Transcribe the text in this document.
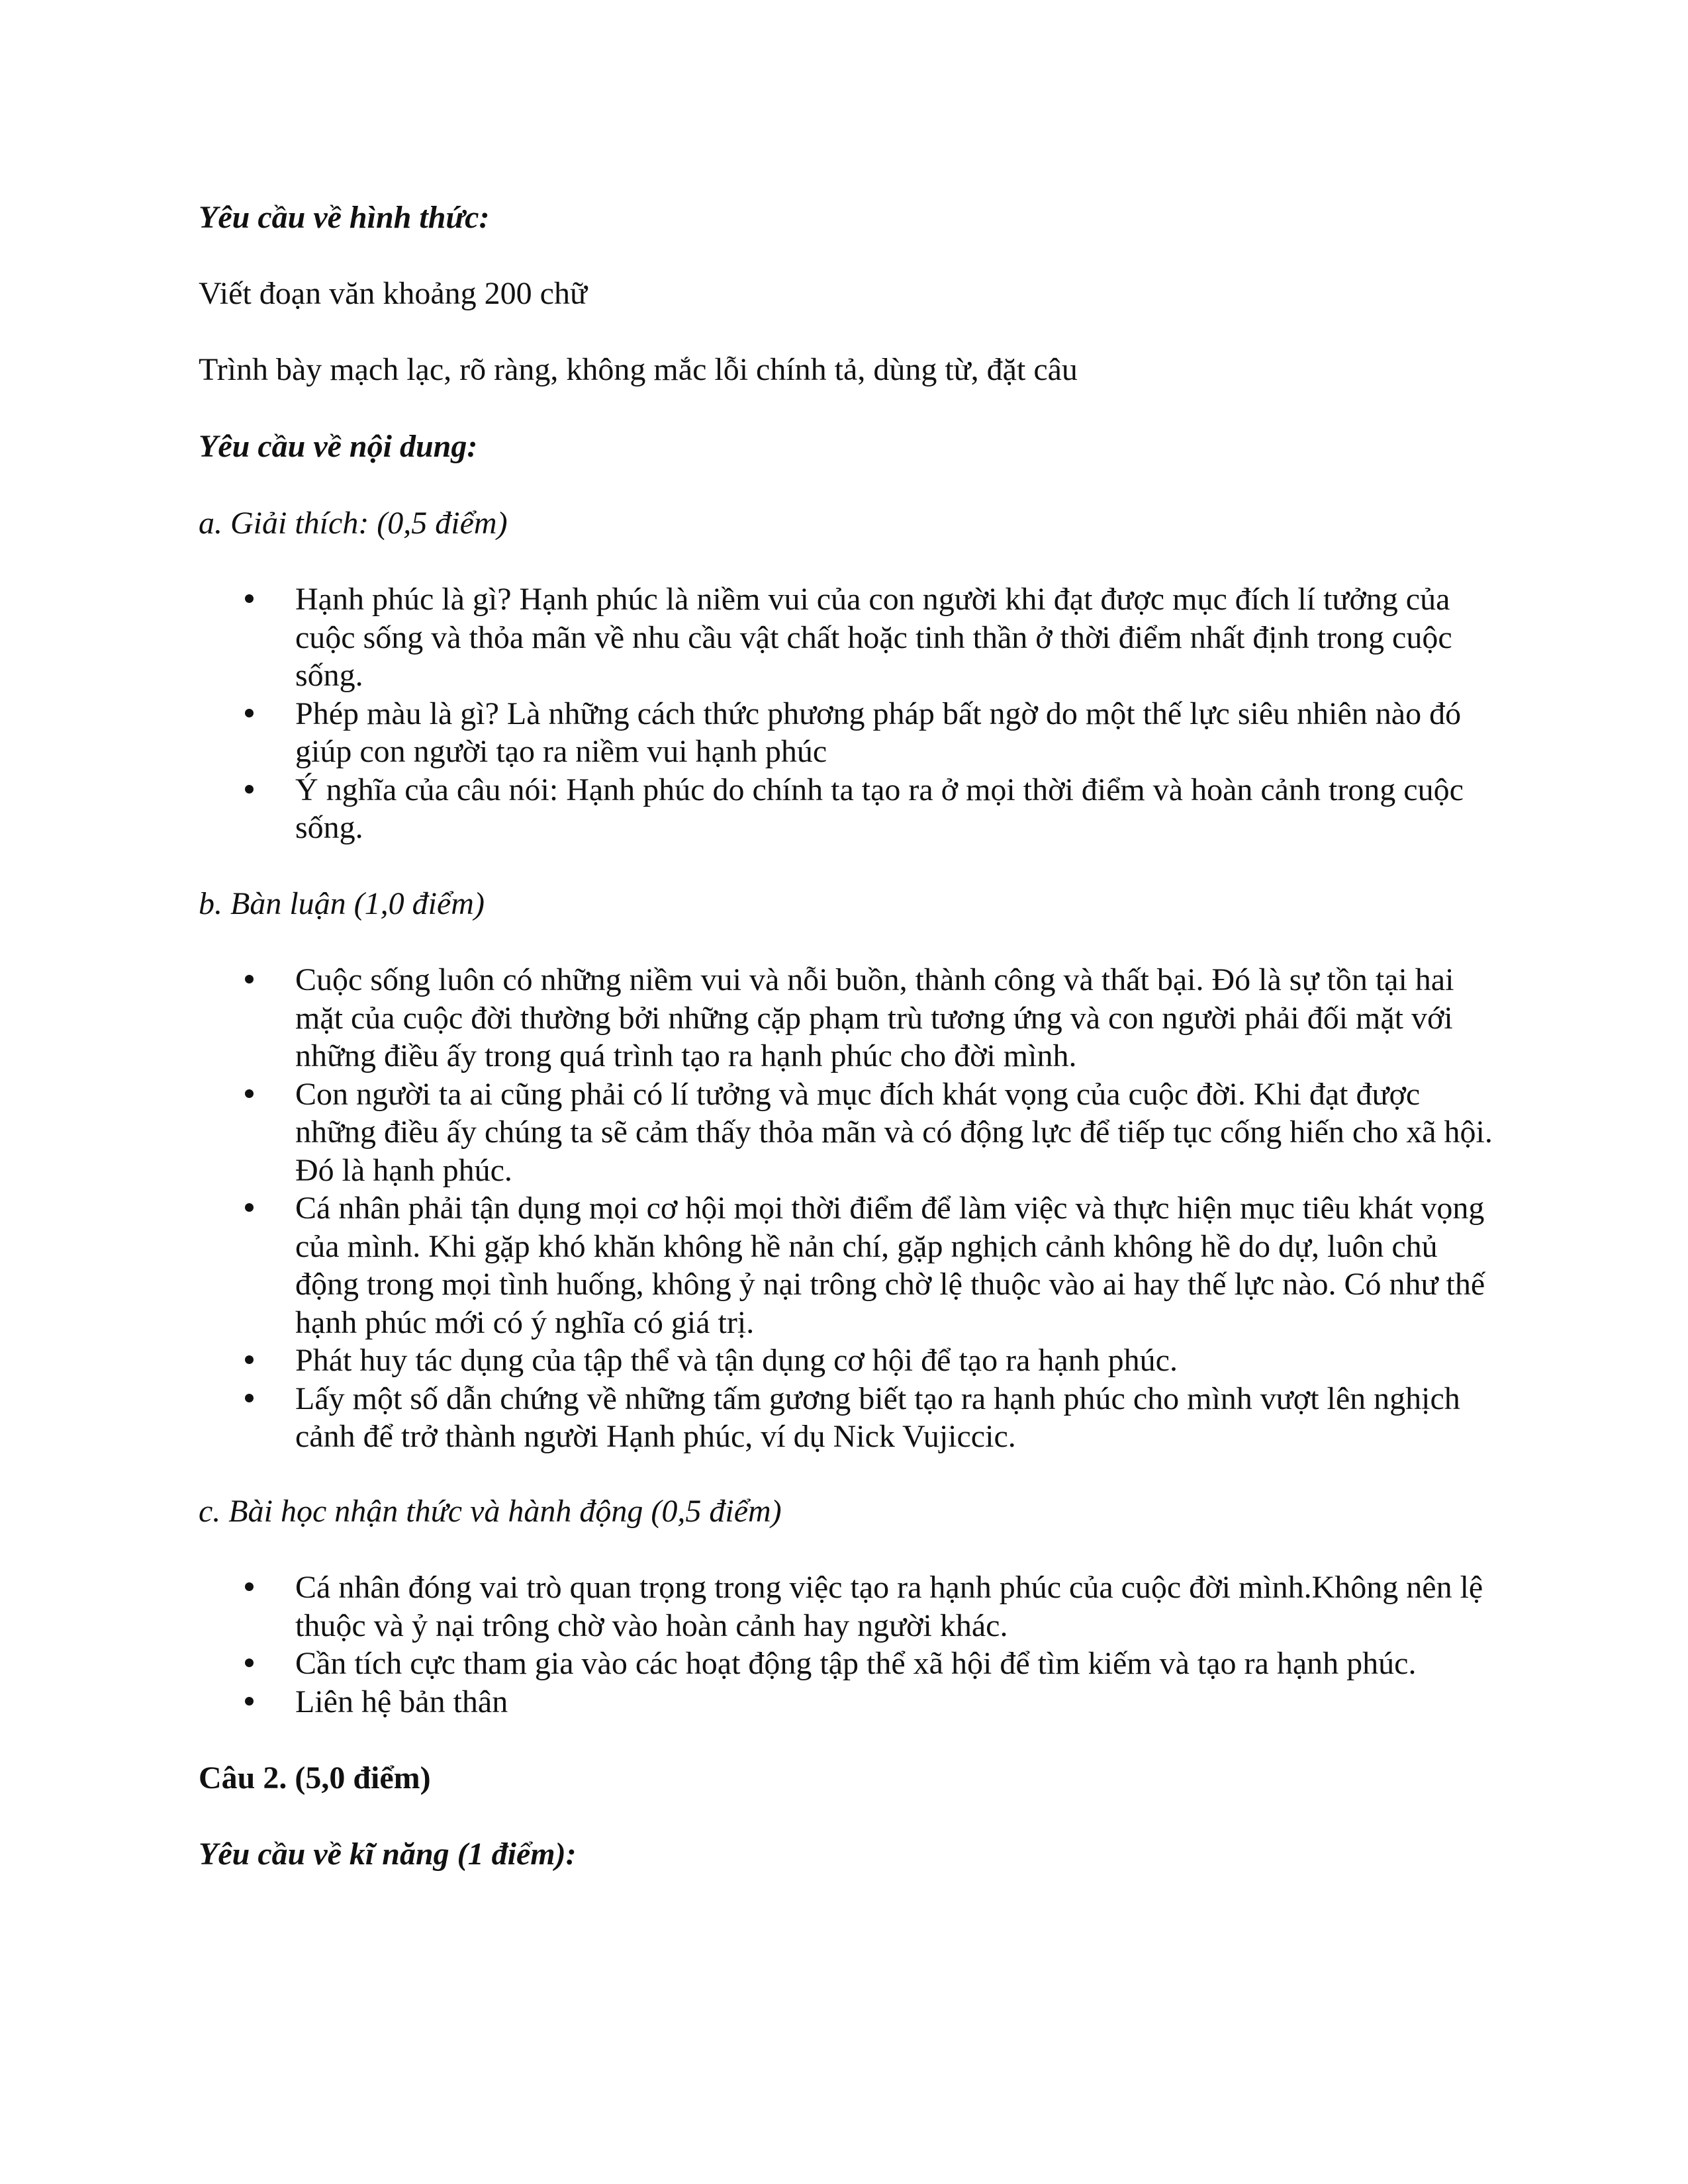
Yêu cầu về hình thức:

Viết đoạn văn khoảng 200 chữ

Trình bày mạch lạc, rõ ràng, không mắc lỗi chính tả, dùng từ, đặt câu

Yêu cầu về nội dung:

a. Giải thích: (0,5 điểm)

Hạnh phúc là gì? Hạnh phúc là niềm vui của con người khi đạt được mục đích lí tưởng của cuộc sống và thỏa mãn về nhu cầu vật chất hoặc tinh thần ở thời điểm nhất định trong cuộc sống.
Phép màu là gì? Là những cách thức phương pháp bất ngờ do một thế lực siêu nhiên nào đó giúp con người tạo ra niềm vui hạnh phúc
Ý nghĩa của câu nói: Hạnh phúc do chính ta tạo ra ở mọi thời điểm và hoàn cảnh trong cuộc sống.

b. Bàn luận (1,0 điểm)

Cuộc sống luôn có những niềm vui và nỗi buồn, thành công và thất bại. Đó là sự tồn tại hai mặt của cuộc đời thường bởi những cặp phạm trù tương ứng và con người phải đối mặt với những điều ấy trong quá trình tạo ra hạnh phúc cho đời mình.
Con người ta ai cũng phải có lí tưởng và mục đích khát vọng của cuộc đời. Khi đạt được những điều ấy chúng ta sẽ cảm thấy thỏa mãn và có động lực để tiếp tục cống hiến cho xã hội. Đó là hạnh phúc.
Cá nhân phải tận dụng mọi cơ hội mọi thời điểm để làm việc và thực hiện mục tiêu khát vọng của mình. Khi gặp khó khăn không hề nản chí, gặp nghịch cảnh không hề do dự, luôn chủ động trong mọi tình huống, không ỷ nại trông chờ lệ thuộc vào ai hay thế lực nào. Có như thế hạnh phúc mới có ý nghĩa có giá trị.
Phát huy tác dụng của tập thể và tận dụng cơ hội để tạo ra hạnh phúc.
Lấy một số dẫn chứng về những tấm gương biết tạo ra hạnh phúc cho mình vượt lên nghịch cảnh để trở thành người Hạnh phúc, ví dụ Nick Vujiccic.

c. Bài học nhận thức và hành động (0,5 điểm)

Cá nhân đóng vai trò quan trọng trong việc tạo ra hạnh phúc của cuộc đời mình.Không nên lệ thuộc và ỷ nại trông chờ vào hoàn cảnh hay người khác.
Cần tích cực tham gia vào các hoạt động tập thể xã hội để tìm kiếm và tạo ra hạnh phúc.
Liên hệ bản thân

Câu 2. (5,0 điểm)

Yêu cầu về kĩ năng (1 điểm):
